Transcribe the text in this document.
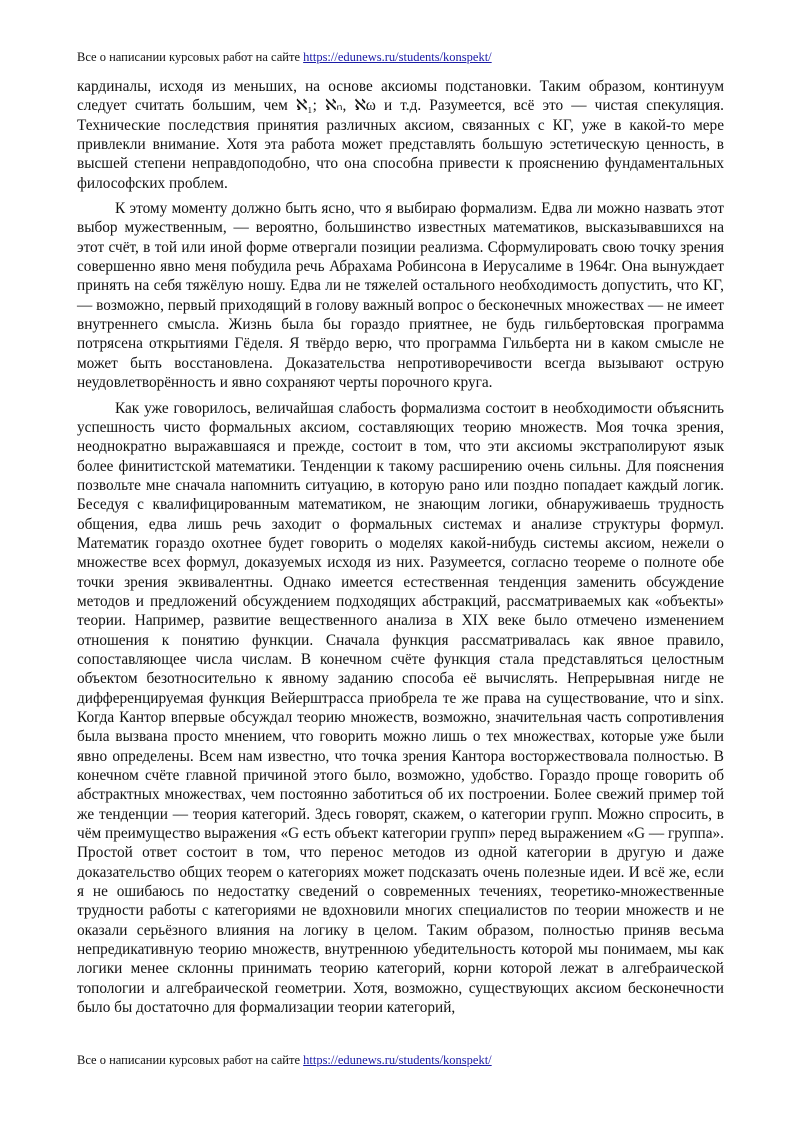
Все о написании курсовых работ на сайте https://edunews.ru/students/konspekt/

кардиналы, исходя из меньших, на основе аксиомы подстановки. Таким образом, континуум следует считать большим, чем ℵ₁; ℵₙ, ℵω и т.д. Разумеется, всё это — чистая спекуляция. Технические последствия принятия различных аксиом, связанных с КГ, уже в какой-то мере привлекли внимание. Хотя эта работа может представлять большую эстетическую ценность, в высшей степени неправдоподобно, что она способна привести к прояснению фундаментальных философских проблем.

К этому моменту должно быть ясно, что я выбираю формализм. Едва ли можно назвать этот выбор мужественным, — вероятно, большинство известных математиков, высказывавшихся на этот счёт, в той или иной форме отвергали позиции реализма. Сформулировать свою точку зрения совершенно явно меня побудила речь Абрахама Робинсона в Иерусалиме в 1964г. Она вынуждает принять на себя тяжёлую ношу. Едва ли не тяжелей остального необходимость допустить, что КГ, — возможно, первый приходящий в голову важный вопрос о бесконечных множествах — не имеет внутреннего смысла. Жизнь была бы гораздо приятнее, не будь гильбертовская программа потрясена открытиями Гёделя. Я твёрдо верю, что программа Гильберта ни в каком смысле не может быть восстановлена. Доказательства непротиворечивости всегда вызывают острую неудовлетворённость и явно сохраняют черты порочного круга.

Как уже говорилось, величайшая слабость формализма состоит в необходимости объяснить успешность чисто формальных аксиом, составляющих теорию множеств. Моя точка зрения, неоднократно выражавшаяся и прежде, состоит в том, что эти аксиомы экстраполируют язык более финитистской математики. Тенденции к такому расширению очень сильны. Для пояснения позвольте мне сначала напомнить ситуацию, в которую рано или поздно попадает каждый логик. Беседуя с квалифицированным математиком, не знающим логики, обнаруживаешь трудность общения, едва лишь речь заходит о формальных системах и анализе структуры формул. Математик гораздо охотнее будет говорить о моделях какой-нибудь системы аксиом, нежели о множестве всех формул, доказуемых исходя из них. Разумеется, согласно теореме о полноте обе точки зрения эквивалентны. Однако имеется естественная тенденция заменить обсуждение методов и предложений обсуждением подходящих абстракций, рассматриваемых как «объекты» теории. Например, развитие вещественного анализа в XIX веке было отмечено изменением отношения к понятию функции. Сначала функция рассматривалась как явное правило, сопоставляющее числа числам. В конечном счёте функция стала представляться целостным объектом безотносительно к явному заданию способа её вычислять. Непрерывная нигде не дифференцируемая функция Вейерштрасса приобрела те же права на существование, что и sinx. Когда Кантор впервые обсуждал теорию множеств, возможно, значительная часть сопротивления была вызвана просто мнением, что говорить можно лишь о тех множествах, которые уже были явно определены. Всем нам известно, что точка зрения Кантора восторжествовала полностью. В конечном счёте главной причиной этого было, возможно, удобство. Гораздо проще говорить об абстрактных множествах, чем постоянно заботиться об их построении. Более свежий пример той же тенденции — теория категорий. Здесь говорят, скажем, о категории групп. Можно спросить, в чём преимущество выражения «G есть объект категории групп» перед выражением «G — группа». Простой ответ состоит в том, что перенос методов из одной категории в другую и даже доказательство общих теорем о категориях может подсказать очень полезные идеи. И всё же, если я не ошибаюсь по недостатку сведений о современных течениях, теоретико-множественные трудности работы с категориями не вдохновили многих специалистов по теории множеств и не оказали серьёзного влияния на логику в целом. Таким образом, полностью приняв весьма непредикативную теорию множеств, внутреннюю убедительность которой мы понимаем, мы как логики менее склонны принимать теорию категорий, корни которой лежат в алгебраической топологии и алгебраической геометрии. Хотя, возможно, существующих аксиом бесконечности было бы достаточно для формализации теории категорий,

Все о написании курсовых работ на сайте https://edunews.ru/students/konspekt/
